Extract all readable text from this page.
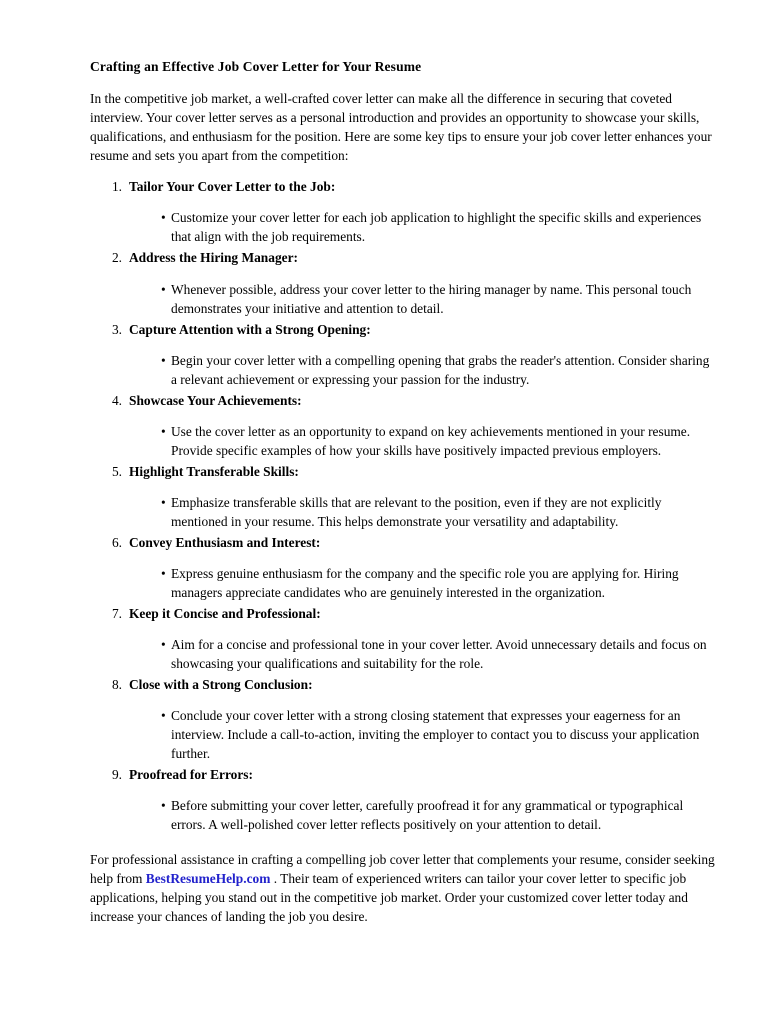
Crafting an Effective Job Cover Letter for Your Resume

In the competitive job market, a well-crafted cover letter can make all the difference in securing that coveted interview. Your cover letter serves as a personal introduction and provides an opportunity to showcase your skills, qualifications, and enthusiasm for the position. Here are some key tips to ensure your job cover letter enhances your resume and sets you apart from the competition:

1. Tailor Your Cover Letter to the Job:
• Customize your cover letter for each job application to highlight the specific skills and experiences that align with the job requirements.
2. Address the Hiring Manager:
• Whenever possible, address your cover letter to the hiring manager by name. This personal touch demonstrates your initiative and attention to detail.
3. Capture Attention with a Strong Opening:
• Begin your cover letter with a compelling opening that grabs the reader's attention. Consider sharing a relevant achievement or expressing your passion for the industry.
4. Showcase Your Achievements:
• Use the cover letter as an opportunity to expand on key achievements mentioned in your resume. Provide specific examples of how your skills have positively impacted previous employers.
5. Highlight Transferable Skills:
• Emphasize transferable skills that are relevant to the position, even if they are not explicitly mentioned in your resume. This helps demonstrate your versatility and adaptability.
6. Convey Enthusiasm and Interest:
• Express genuine enthusiasm for the company and the specific role you are applying for. Hiring managers appreciate candidates who are genuinely interested in the organization.
7. Keep it Concise and Professional:
• Aim for a concise and professional tone in your cover letter. Avoid unnecessary details and focus on showcasing your qualifications and suitability for the role.
8. Close with a Strong Conclusion:
• Conclude your cover letter with a strong closing statement that expresses your eagerness for an interview. Include a call-to-action, inviting the employer to contact you to discuss your application further.
9. Proofread for Errors:
• Before submitting your cover letter, carefully proofread it for any grammatical or typographical errors. A well-polished cover letter reflects positively on your attention to detail.

For professional assistance in crafting a compelling job cover letter that complements your resume, consider seeking help from BestResumeHelp.com . Their team of experienced writers can tailor your cover letter to specific job applications, helping you stand out in the competitive job market. Order your customized cover letter today and increase your chances of landing the job you desire.
